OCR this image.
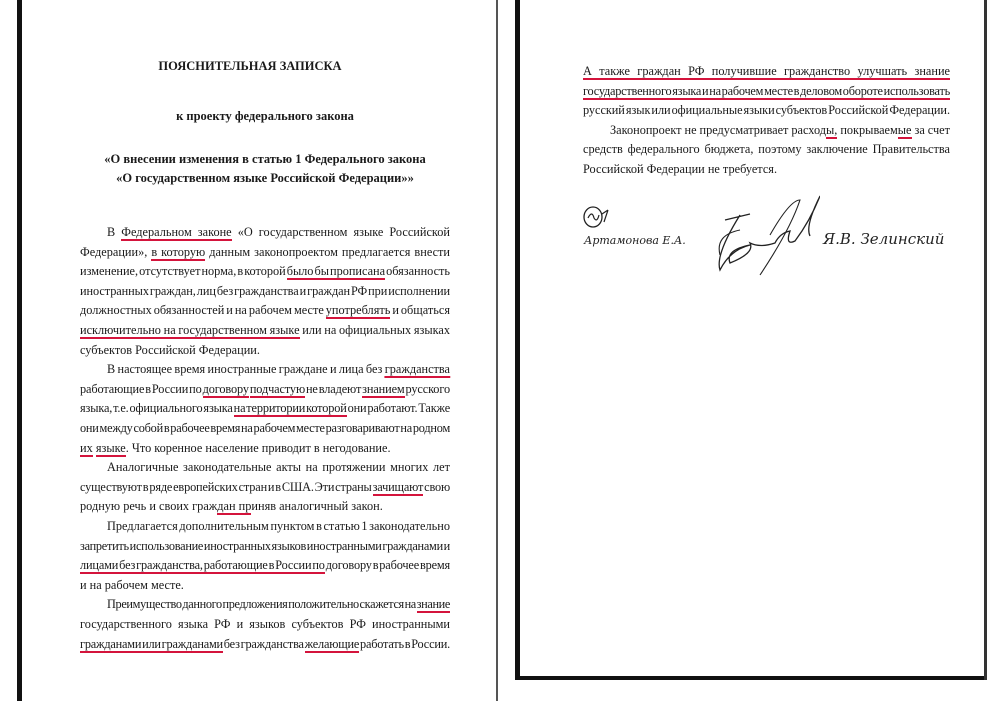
ПОЯСНИТЕЛЬНАЯ ЗАПИСКА
к проекту федерального закона
«О внесении изменения в статью 1 Федерального закона
«О государственном языке Российской Федерации»»
В Федеральном законе «О государственном языке Российской
Федерации», в которую данным законопроектом предлагается внести
изменение, отсутствует норма, в которой было бы прописана обязанность
иностранных граждан, лиц без гражданства и граждан РФ при исполнении
должностных обязанностей и на рабочем месте употреблять и общаться
исключительно на государственном языке или на официальных языках
субъектов Российской Федерации.
В настоящее время иностранные граждане и лица без гражданства
работающие в России по договору подчастую не владеют знанием русского
языка, т.е. официального языка на территории которой они работают. Также
они между собой в рабочее время на рабочем месте разговаривают на родном
их языке. Что коренное население приводит в негодование.
Аналогичные законодательные акты на протяжении многих лет
существуют в ряде европейских стран и в США. Эти страны зачищают свою
родную речь и своих граждан приняв аналогичный закон.
Предлагается дополнительным пунктом в статью 1 законодательно
запретить использование иностранных языков иностранными гражданами и
лицами без гражданства, работающие в России по договору в рабочее время
и на рабочем месте.
Преимущество данного предложения положительно скажется на знание
государственного языка РФ и языков субъектов РФ иностранными
гражданами или гражданами без гражданства желающие работать в России.
А также граждан РФ получившие гражданство улучшать знание
государственного языка и на рабочем месте в деловом обороте использовать
русский язык или официальные языки субъектов Российской Федерации.
Законопроект не предусматривает расходы, покрываемые за счет
средств федерального бюджета, поэтому заключение Правительства
Российской Федерации не требуется.
Артамонова Е.А.	Я.В. Зелинский
